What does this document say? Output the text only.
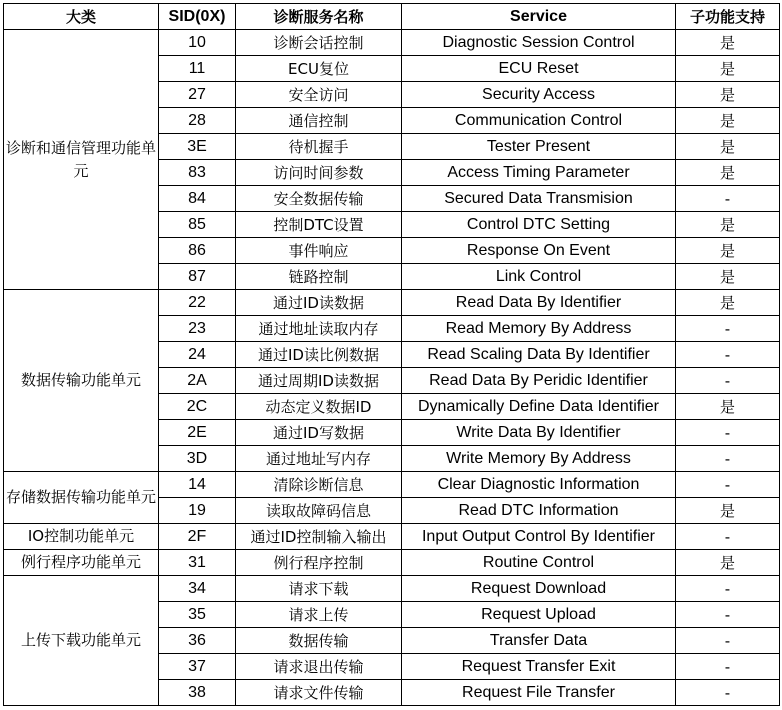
大类	SID(0X)	诊断服务名称	Service	子功能支持
诊断和通信管理功能单元	10	诊断会话控制	Diagnostic Session Control	是
	11	ECU复位	ECU Reset	是
	27	安全访问	Security Access	是
	28	通信控制	Communication Control	是
	3E	待机握手	Tester Present	是
	83	访问时间参数	Access Timing Parameter	是
	84	安全数据传输	Secured Data Transmision	-
	85	控制DTC设置	Control DTC Setting	是
	86	事件响应	Response On Event	是
	87	链路控制	Link Control	是
数据传输功能单元	22	通过ID读数据	Read Data By Identifier	是
	23	通过地址读取内存	Read Memory By Address	-
	24	通过ID读比例数据	Read Scaling Data By Identifier	-
	2A	通过周期ID读数据	Read Data By Peridic Identifier	-
	2C	动态定义数据ID	Dynamically Define Data Identifier	是
	2E	通过ID写数据	Write Data By Identifier	-
	3D	通过地址写内存	Write Memory By Address	-
存储数据传输功能单元	14	清除诊断信息	Clear Diagnostic Information	-
	19	读取故障码信息	Read DTC Information	是
IO控制功能单元	2F	通过ID控制输入输出	Input Output Control By Identifier	-
例行程序功能单元	31	例行程序控制	Routine Control	是
上传下载功能单元	34	请求下载	Request Download	-
	35	请求上传	Request Upload	-
	36	数据传输	Transfer Data	-
	37	请求退出传输	Request Transfer Exit	-
	38	请求文件传输	Request File Transfer	-
